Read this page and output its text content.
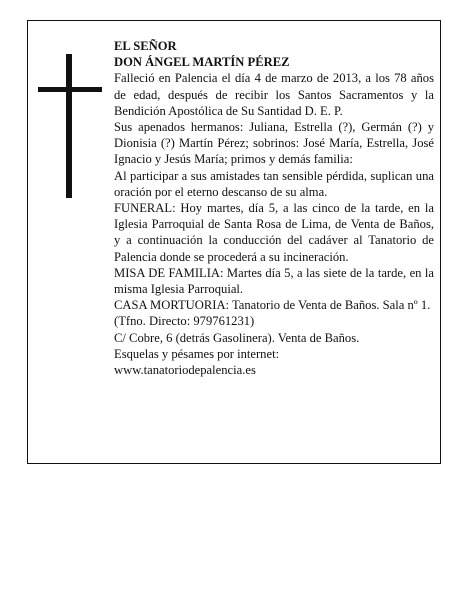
EL SEÑOR

DON ÁNGEL MARTÍN PÉREZ

Falleció en Palencia el día 4 de marzo de 2013, a los 78 años de edad, después de recibir los Santos Sacramentos y la Bendición Apostólica de Su Santidad D. E. P.

Sus apenados hermanos: Juliana, Estrella (?), Germán (?) y Dionisia (?) Martín Pérez; sobrinos: José María, Estrella, José Ignacio y Jesús María; primos y demás familia:

Al participar a sus amistades tan sensible pérdida, suplican una oración por el eterno descanso de su alma.

FUNERAL: Hoy martes, día 5, a las cinco de la tarde, en la Iglesia Parroquial de Santa Rosa de Lima, de Venta de Baños, y a continuación la conducción del cadáver al Tanatorio de Palencia donde se procederá a su incineración.

MISA DE FAMILIA: Martes día 5, a las siete de la tarde, en la misma Iglesia Parroquial.

CASA MORTUORIA: Tanatorio de Venta de Baños. Sala nº 1. (Tfno. Directo: 979761231)

C/ Cobre, 6 (detrás Gasolinera). Venta de Baños.

Esquelas y pésames por internet:

www.tanatoriodepalencia.es
